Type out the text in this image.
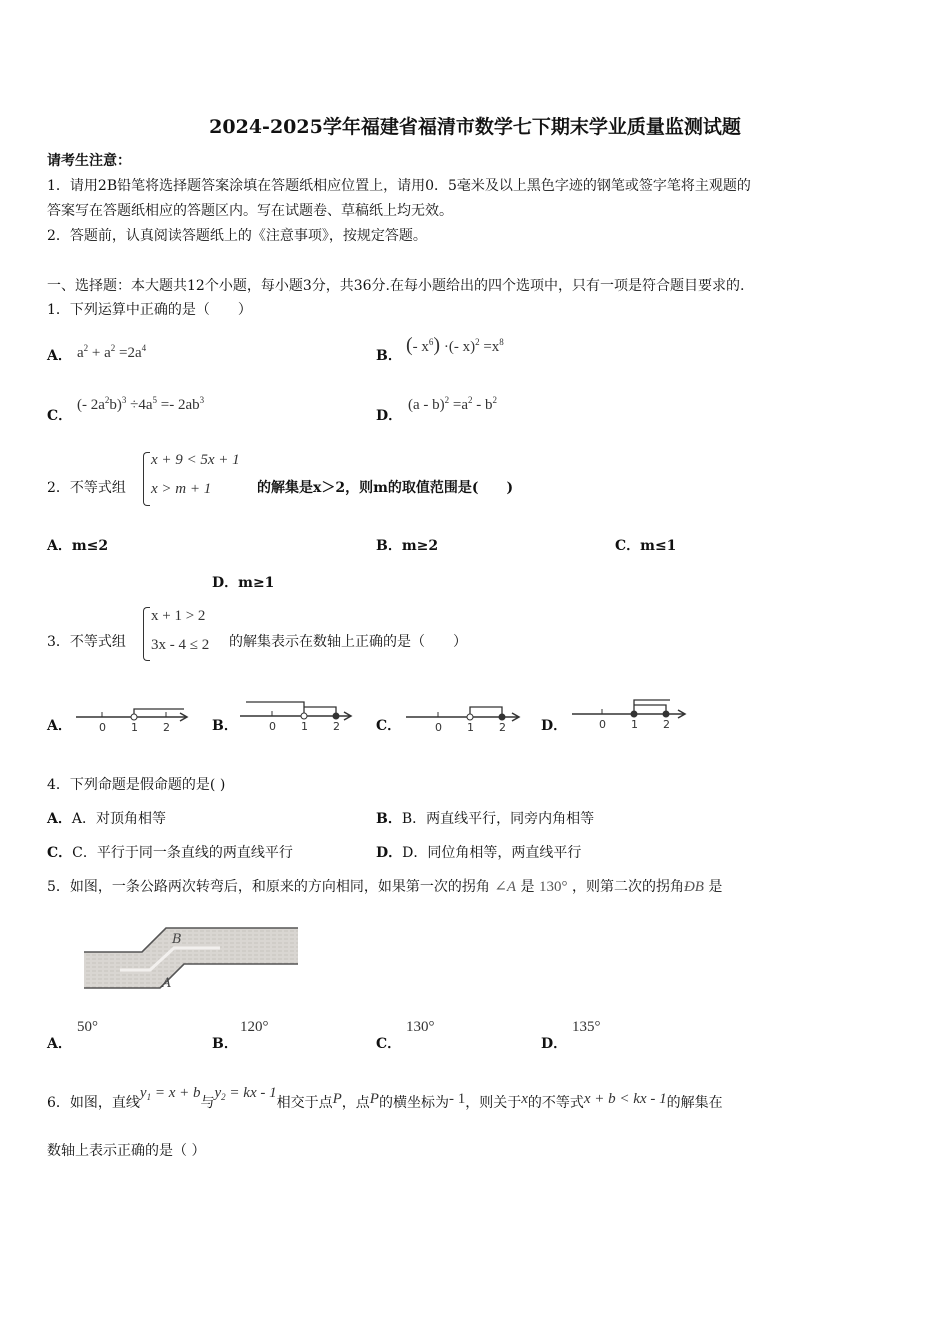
2024-2025学年福建省福清市数学七下期末学业质量监测试题
请考生注意：
1．请用2B铅笔将选择题答案涂填在答题纸相应位置上，请用0．5毫米及以上黑色字迹的钢笔或签字笔将主观题的
答案写在答题纸相应的答题区内。写在试题卷、草稿纸上均无效。
2．答题前，认真阅读答题纸上的《注意事项》，按规定答题。
一、选择题：本大题共12个小题，每小题3分，共36分.在每小题给出的四个选项中，只有一项是符合题目要求的.
1．下列运算中正确的是（　　）
A． $a^2 + a^2 =2a^4$	B． (- $x^6$) ·(- $x)^2 =x^8$
C．
(- $2a^2b)^3 \div 4a^5 =- 2ab^3$
D．
$(a - b)^2 =a^2 - b^2$
2．不等式组
x + 9 < 5x + 1
x > m + 1	的解集是x＞2，则m的取值范围是(　　)
A．m≤2	B．m≥2	C．m≤1
D．m≥1
3．不等式组
x + 1 > 2
3x - 4 ≤ 2 的解集表示在数轴上正确的是（　　）
A． 0 1 2	B．	0 1 2	C．	0 1 2	D．	0 1 2
4．下列命题是假命题的是( )
A．A．对顶角相等	B．B．两直线平行，同旁内角相等
C．C．平行于同一条直线的两直线平行	D．D．同位角相等，两直线平行
5．如图，一条公路两次转弯后，和原来的方向相同，如果第一次的拐角 ∠A 是 130° ，则第二次的拐角ÐB 是
B
A
A．
50°
B．
120°
C．
130°
D．
135°
6．如图，直线$y_1 = x + b$与$y_2$ = kx - 1相交于点P，点P的横坐标为- 1，则关于x的不等式x + b < kx - 1的解集在
数轴上表示正确的是（ ）
